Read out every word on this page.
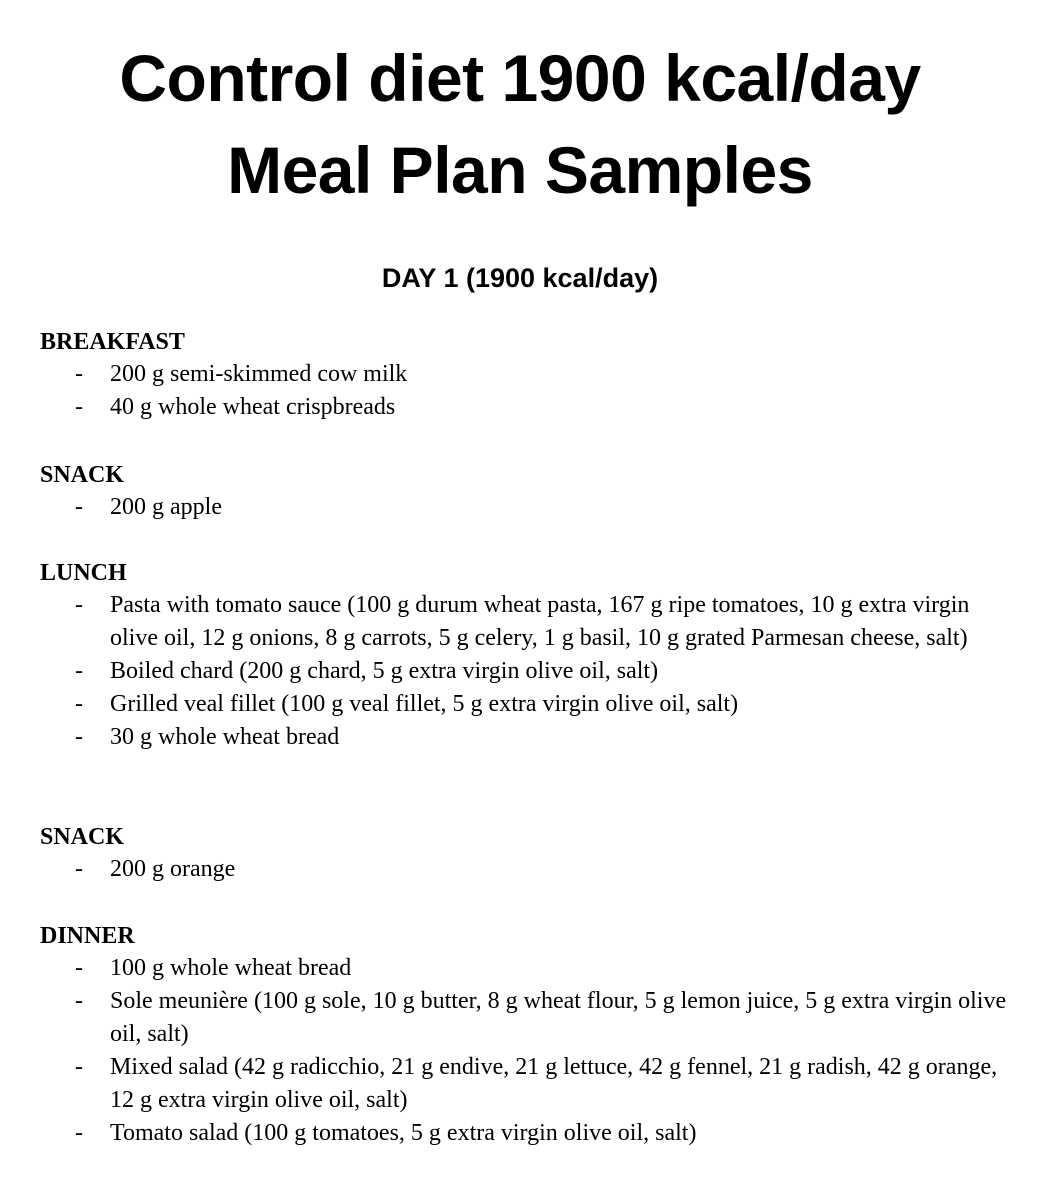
Control diet 1900 kcal/day
Meal Plan Samples
DAY 1 (1900 kcal/day)
BREAKFAST
- 200 g semi-skimmed cow milk
- 40 g whole wheat crispbreads
SNACK
- 200 g apple
LUNCH
- Pasta with tomato sauce (100 g durum wheat pasta, 167 g ripe tomatoes, 10 g extra virgin olive oil, 12 g onions, 8 g carrots, 5 g celery, 1 g basil, 10 g grated Parmesan cheese, salt)
- Boiled chard (200 g chard, 5 g extra virgin olive oil, salt)
- Grilled veal fillet (100 g veal fillet, 5 g extra virgin olive oil, salt)
- 30 g whole wheat bread
SNACK
- 200 g orange
DINNER
- 100 g whole wheat bread
- Sole meunière (100 g sole, 10 g butter, 8 g wheat flour, 5 g lemon juice, 5 g extra virgin olive oil, salt)
- Mixed salad (42 g radicchio, 21 g endive, 21 g lettuce, 42 g fennel, 21 g radish, 42 g orange, 12 g extra virgin olive oil, salt)
- Tomato salad (100 g tomatoes, 5 g extra virgin olive oil, salt)
